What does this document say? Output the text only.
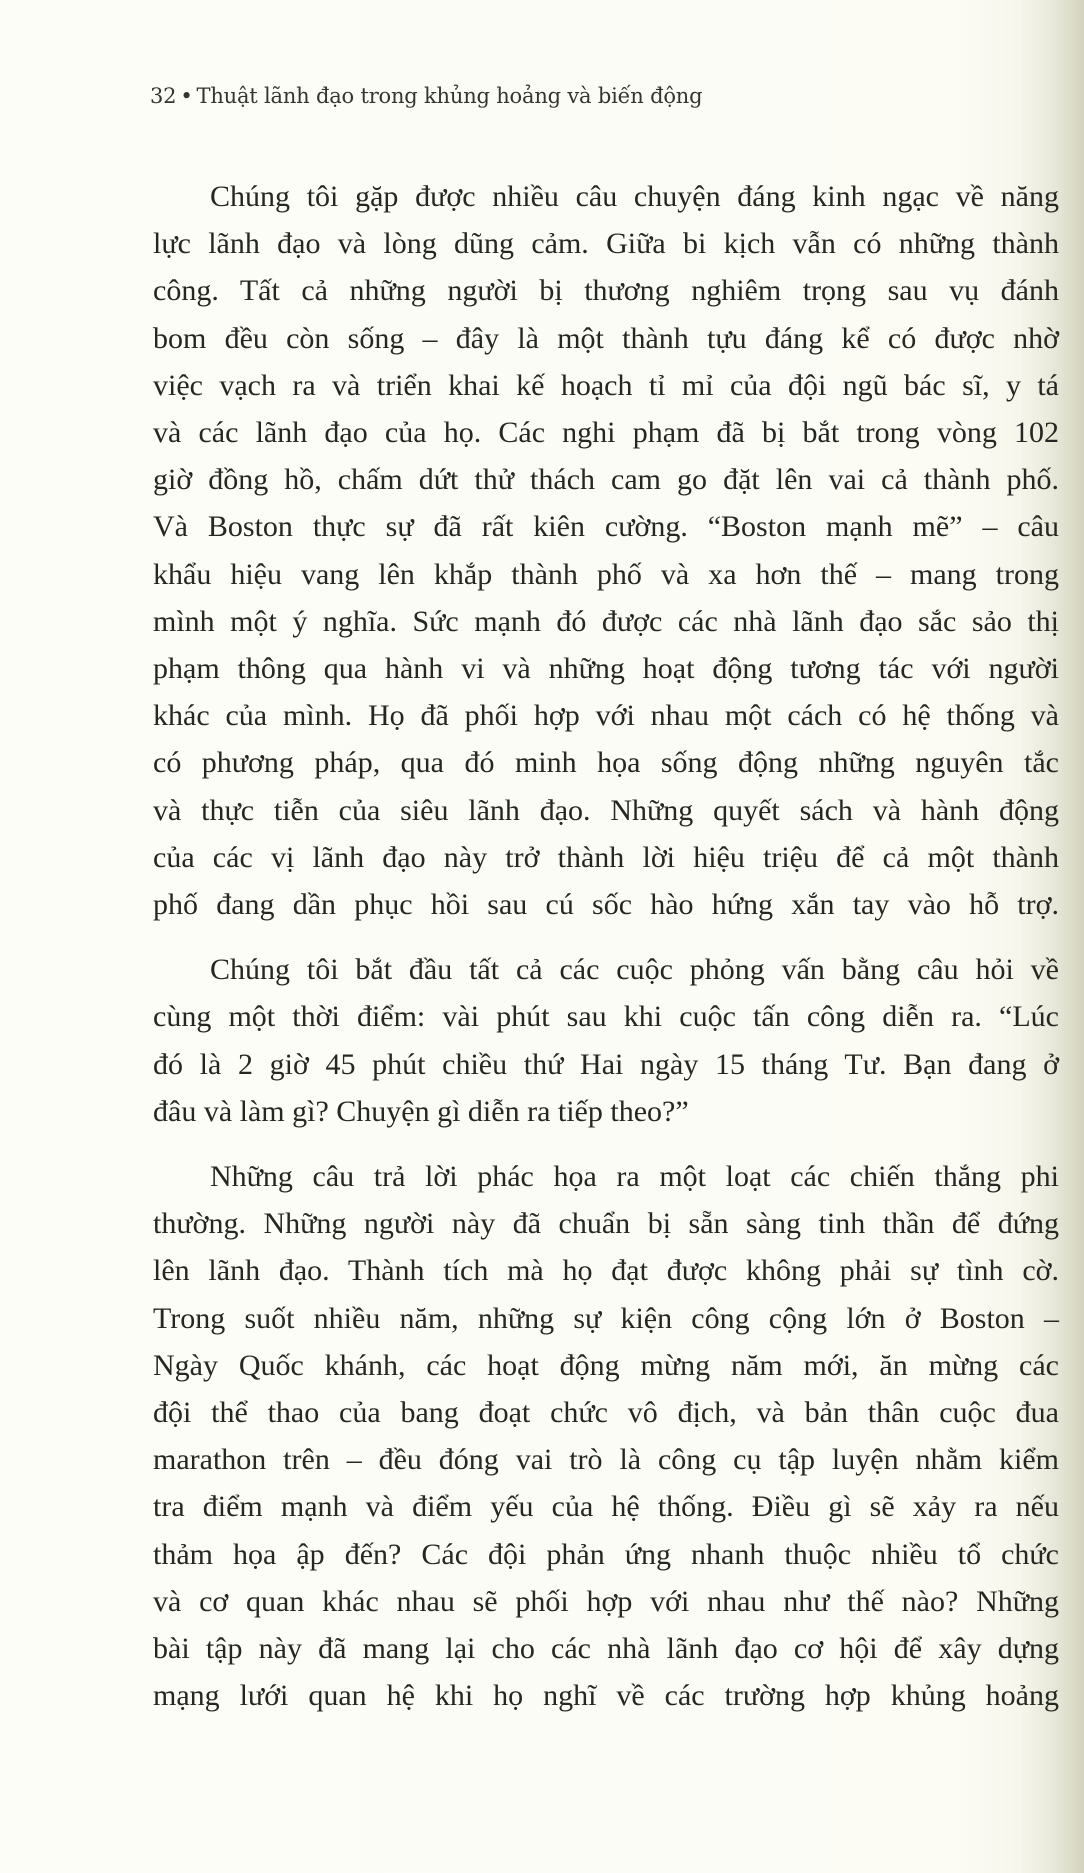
32 • Thuật lãnh đạo trong khủng hoảng và biến động

Chúng tôi gặp được nhiều câu chuyện đáng kinh ngạc về năng
lực lãnh đạo và lòng dũng cảm. Giữa bi kịch vẫn có những thành
công. Tất cả những người bị thương nghiêm trọng sau vụ đánh
bom đều còn sống – đây là một thành tựu đáng kể có được nhờ
việc vạch ra và triển khai kế hoạch tỉ mỉ của đội ngũ bác sĩ, y tá
và các lãnh đạo của họ. Các nghi phạm đã bị bắt trong vòng 102
giờ đồng hồ, chấm dứt thử thách cam go đặt lên vai cả thành phố.
Và Boston thực sự đã rất kiên cường. “Boston mạnh mẽ” – câu
khẩu hiệu vang lên khắp thành phố và xa hơn thế – mang trong
mình một ý nghĩa. Sức mạnh đó được các nhà lãnh đạo sắc sảo thị
phạm thông qua hành vi và những hoạt động tương tác với người
khác của mình. Họ đã phối hợp với nhau một cách có hệ thống và
có phương pháp, qua đó minh họa sống động những nguyên tắc
và thực tiễn của siêu lãnh đạo. Những quyết sách và hành động
của các vị lãnh đạo này trở thành lời hiệu triệu để cả một thành
phố đang dần phục hồi sau cú sốc hào hứng xắn tay vào hỗ trợ.

Chúng tôi bắt đầu tất cả các cuộc phỏng vấn bằng câu hỏi về
cùng một thời điểm: vài phút sau khi cuộc tấn công diễn ra. “Lúc
đó là 2 giờ 45 phút chiều thứ Hai ngày 15 tháng Tư. Bạn đang ở
đâu và làm gì? Chuyện gì diễn ra tiếp theo?”

Những câu trả lời phác họa ra một loạt các chiến thắng phi
thường. Những người này đã chuẩn bị sẵn sàng tinh thần để đứng
lên lãnh đạo. Thành tích mà họ đạt được không phải sự tình cờ.
Trong suốt nhiều năm, những sự kiện công cộng lớn ở Boston –
Ngày Quốc khánh, các hoạt động mừng năm mới, ăn mừng các
đội thể thao của bang đoạt chức vô địch, và bản thân cuộc đua
marathon trên – đều đóng vai trò là công cụ tập luyện nhằm kiểm
tra điểm mạnh và điểm yếu của hệ thống. Điều gì sẽ xảy ra nếu
thảm họa ập đến? Các đội phản ứng nhanh thuộc nhiều tổ chức
và cơ quan khác nhau sẽ phối hợp với nhau như thế nào? Những
bài tập này đã mang lại cho các nhà lãnh đạo cơ hội để xây dựng
mạng lưới quan hệ khi họ nghĩ về các trường hợp khủng hoảng
